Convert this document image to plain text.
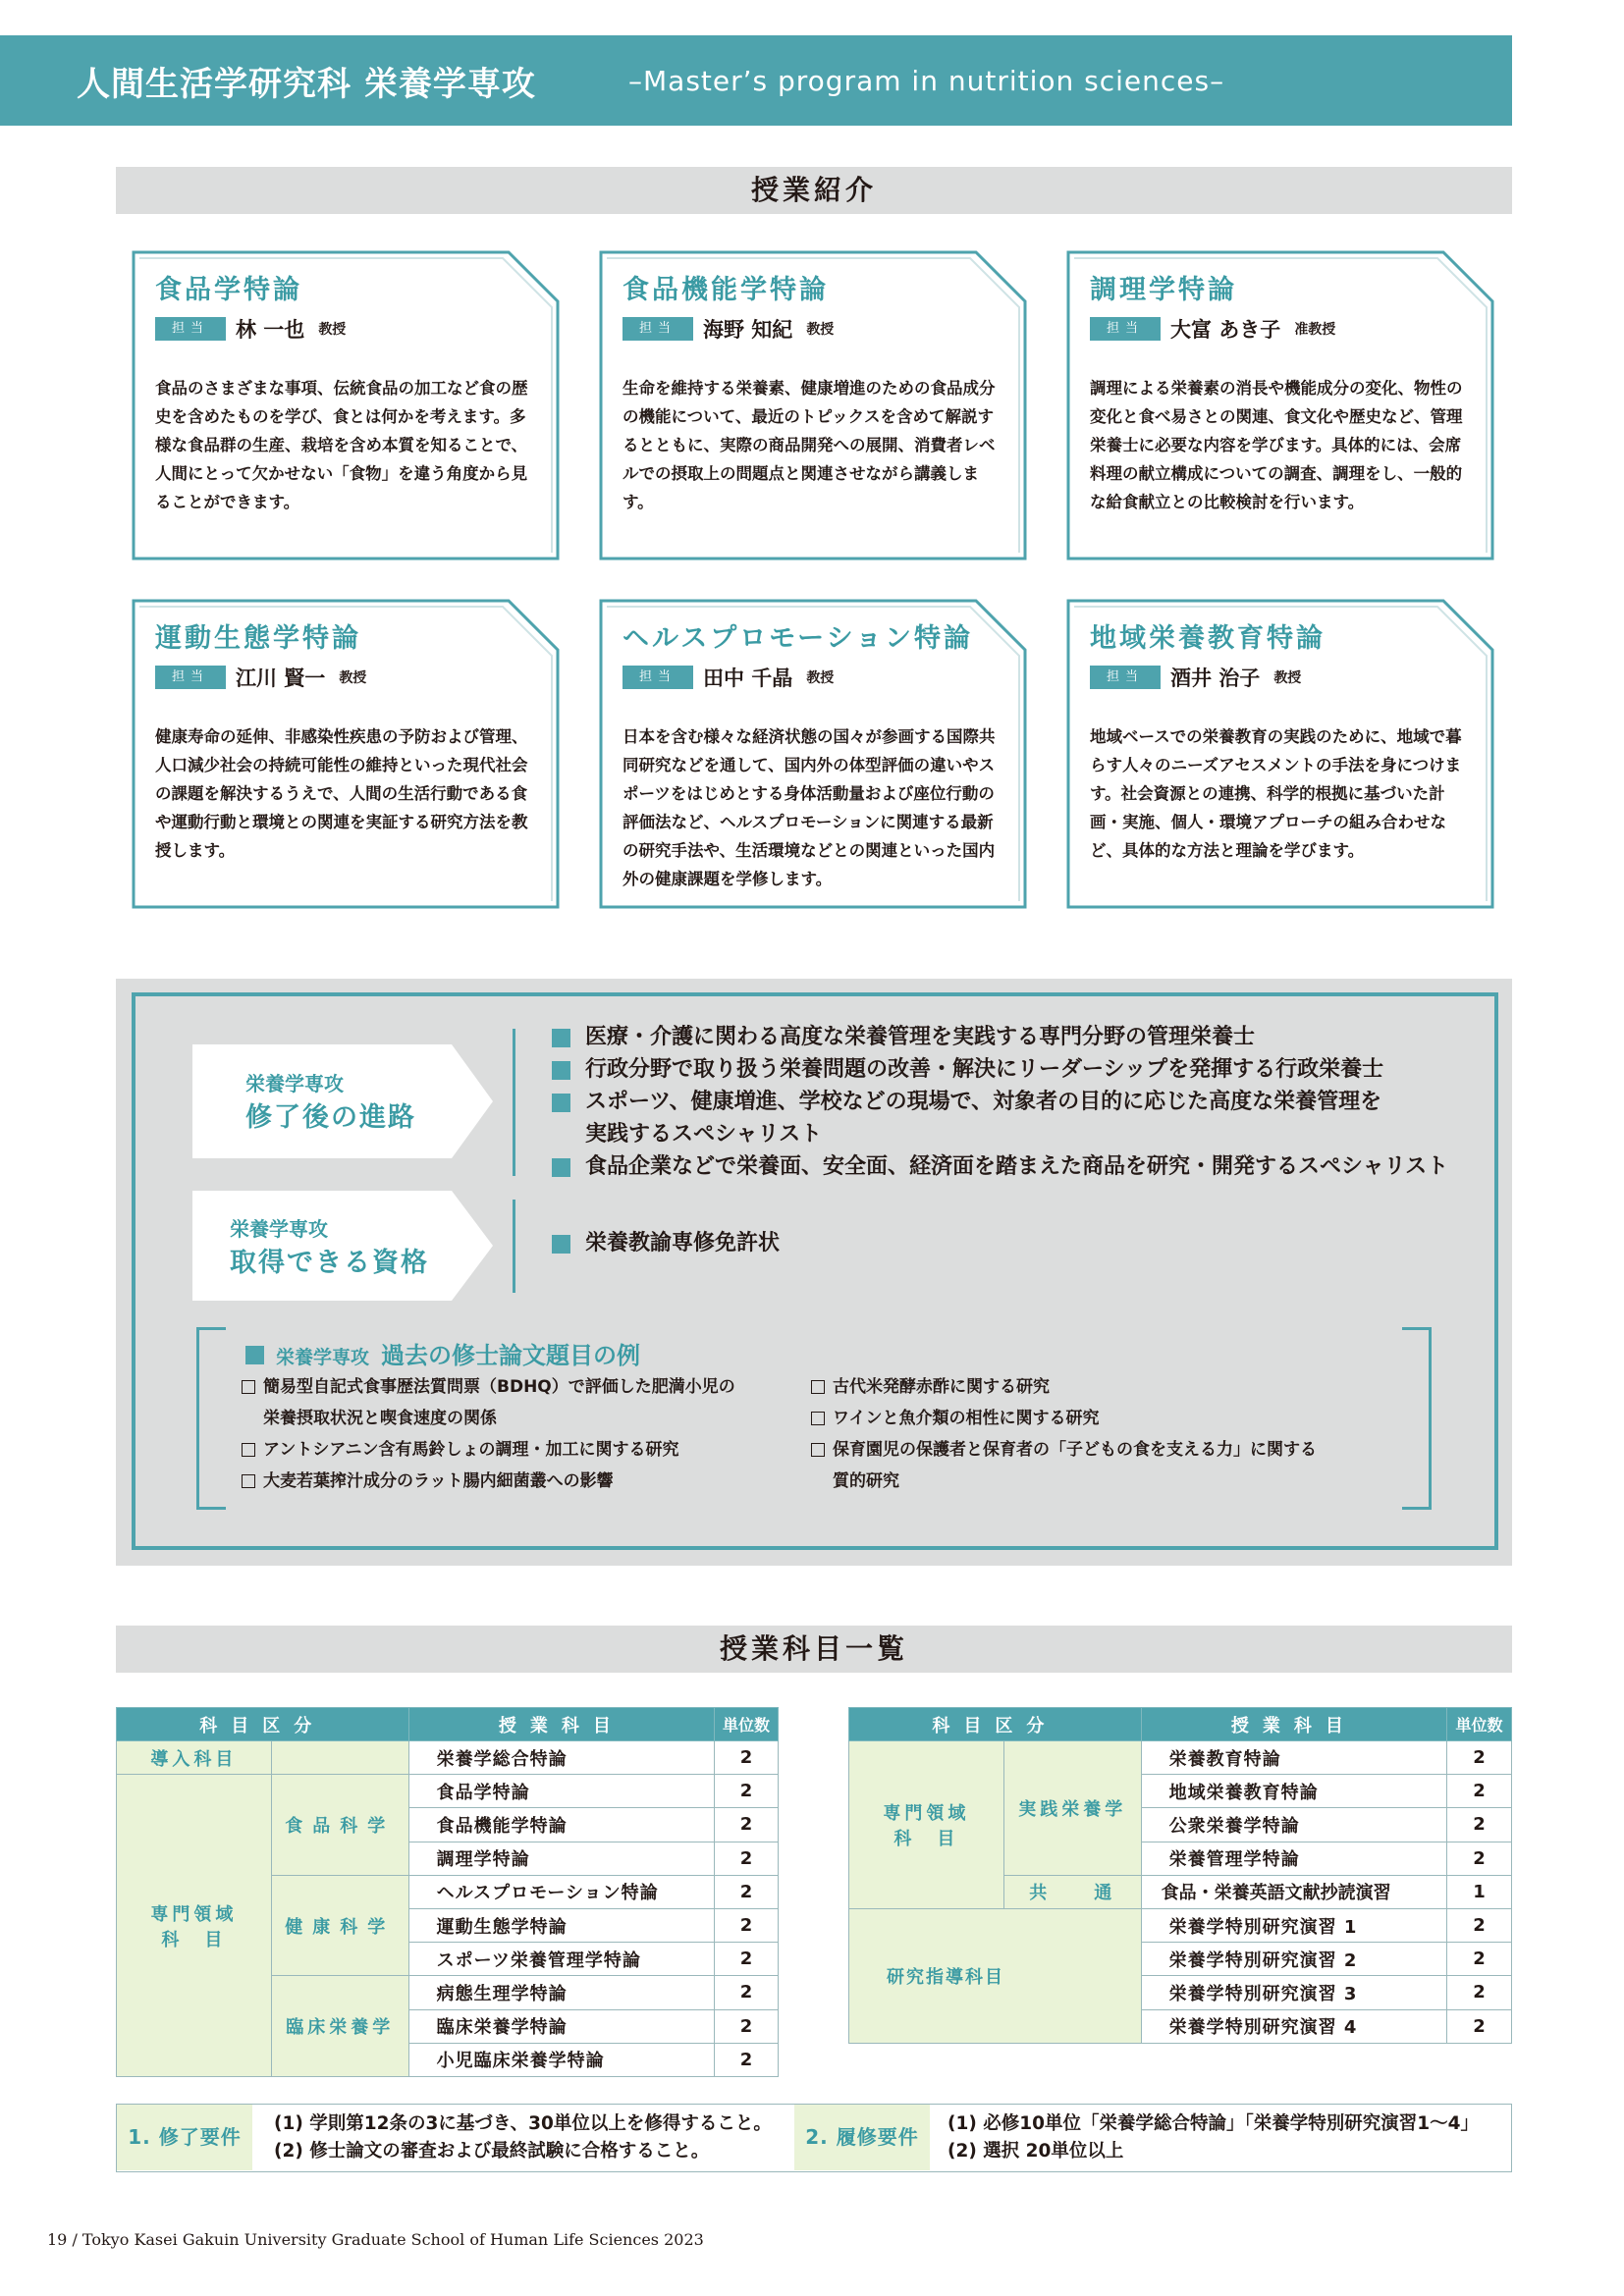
人間生活学研究科 栄養学専攻	–Master’s program in nutrition sciences–
授業紹介
食品学特論
担当	林 一也 教授
食品のさまざまな事項、伝統食品の加工など食の歴史を含めたものを学び、食とは何かを考えます。多様な食品群の生産、栽培を含め本質を知ることで、人間にとって欠かせない「食物」を違う角度から見ることができます。
食品機能学特論
担当	海野 知紀 教授
生命を維持する栄養素、健康増進のための食品成分の機能について、最近のトピックスを含めて解説するとともに、実際の商品開発への展開、消費者レベルでの摂取上の問題点と関連させながら講義します。
調理学特論
担当	大富 あき子 准教授
調理による栄養素の消長や機能成分の変化、物性の変化と食べ易さとの関連、食文化や歴史など、管理栄養士に必要な内容を学びます。具体的には、会席料理の献立構成についての調査、調理をし、一般的な給食献立との比較検討を行います。
運動生態学特論
担当	江川 賢一 教授
健康寿命の延伸、非感染性疾患の予防および管理、人口減少社会の持続可能性の維持といった現代社会の課題を解決するうえで、人間の生活行動である食や運動行動と環境との関連を実証する研究方法を教授します。
ヘルスプロモーション特論
担当	田中 千晶 教授
日本を含む様々な経済状態の国々が参画する国際共同研究などを通して、国内外の体型評価の違いやスポーツをはじめとする身体活動量および座位行動の評価法など、ヘルスプロモーションに関連する最新の研究手法や、生活環境などとの関連といった国内外の健康課題を学修します。
地域栄養教育特論
担当	酒井 治子 教授
地域ベースでの栄養教育の実践のために、地域で暮らす人々のニーズアセスメントの手法を身につけます。社会資源との連携、科学的根拠に基づいた計画・実施、個人・環境アプローチの組み合わせなど、具体的な方法と理論を学びます。
栄養学専攻
修了後の進路
医療・介護に関わる高度な栄養管理を実践する専門分野の管理栄養士
行政分野で取り扱う栄養問題の改善・解決にリーダーシップを発揮する行政栄養士
スポーツ、健康増進、学校などの現場で、対象者の目的に応じた高度な栄養管理を
実践するスペシャリスト
食品企業などで栄養面、安全面、経済面を踏まえた商品を研究・開発するスペシャリスト
栄養学専攻
取得できる資格
栄養教諭専修免許状
栄養学専攻 過去の修士論文題目の例
簡易型自記式食事歴法質問票（BDHQ）で評価した肥満小児の
栄養摂取状況と喫食速度の関係
アントシアニン含有馬鈴しょの調理・加工に関する研究
大麦若葉搾汁成分のラット腸内細菌叢への影響
古代米発酵赤酢に関する研究
ワインと魚介類の相性に関する研究
保育園児の保護者と保育者の「子どもの食を支える力」に関する
質的研究
授業科目一覧
科目区分		授業科目	単位数
導入科目		栄養学総合特論	2

専門領域
科　目	食品科学	食品学特論	2
		食品機能学特論	2
		調理学特論	2
	健康科学	ヘルスプロモーション特論	2
		運動生態学特論	2
		スポーツ栄養管理学特論	2
	臨床栄養学	病態生理学特論	2
		臨床栄養学特論	2
		小児臨床栄養学特論	2
科目区分		授業科目	単位数

専門領域
科　目	実践栄養学	栄養教育特論	2
		地域栄養教育特論	2
		公衆栄養学特論	2
		栄養管理学特論	2
	共　　通	食品・栄養英語文献抄読演習	1
研究指導科目		栄養学特別研究演習 1	2
		栄養学特別研究演習 2	2
		栄養学特別研究演習 3	2
		栄養学特別研究演習 4	2
1. 修了要件
(1) 学則第12条の3に基づき、30単位以上を修得すること。
(2) 修士論文の審査および最終試験に合格すること。
2. 履修要件
(1) 必修10単位「栄養学総合特論」「栄養学特別研究演習1～4」
(2) 選択 20単位以上
19 / Tokyo Kasei Gakuin University Graduate School of Human Life Sciences 2023
